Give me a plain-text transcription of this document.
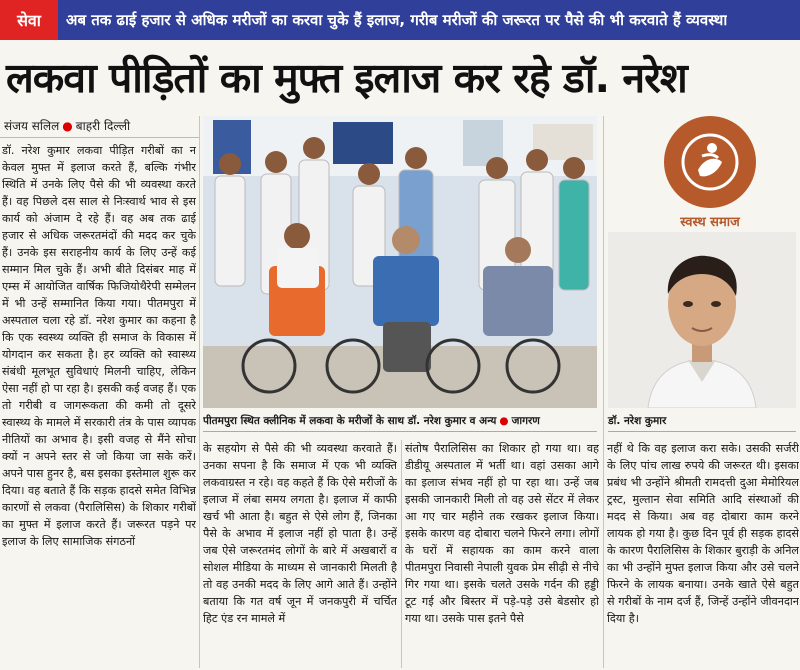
सेवा	अब तक ढाई हजार से अधिक मरीजों का करवा चुके हैं इलाज, गरीब मरीजों की जरूरत पर पैसे की भी करवाते हैं व्यवस्था
लकवा पीड़ितों का मुफ्त इलाज कर रहे डॉ. नरेश
संजय सलिल ● बाहरी दिल्ली

डॉ. नरेश कुमार लकवा पीड़ित गरीबों का न केवल मुफ्त में इलाज करते हैं, बल्कि गंभीर स्थिति में उनके लिए पैसे की भी व्यवस्था करते हैं। वह पिछले दस साल से निःस्वार्थ भाव से इस कार्य को अंजाम दे रहे हैं। वह अब तक ढाई हजार से अधिक जरूरतमंदों की मदद कर चुके हैं। उनके इस सराहनीय कार्य के लिए उन्हें कई सम्मान मिल चुके हैं। अभी बीते दिसंबर माह में एम्स में आयोजित वार्षिक फिजियोथैरेपी सम्मेलन में भी उन्हें सम्मानित किया गया। पीतमपुरा में अस्पताल चला रहे डॉ. नरेश कुमार का कहना है कि एक स्वस्थ्य व्यक्ति ही समाज के विकास में योगदान कर सकता है। हर व्यक्ति को स्वास्थ्य संबंधी मूलभूत सुविधाएं मिलनी चाहिए, लेकिन ऐसा नहीं हो पा रहा है। इसकी कई वजह हैं। एक तो गरीबी व जागरूकता की कमी तो दूसरे स्वास्थ्य के मामले में सरकारी तंत्र के पास व्यापक नीतियों का अभाव है। इसी वजह से मैंने सोचा क्यों न अपने स्तर से जो किया जा सके करें। अपने पास हुनर है, बस इसका इस्तेमाल शुरू कर दिया। वह बताते हैं कि सड़क हादसे समेत विभिन्न कारणों से लकवा (पैरालिसिस) के शिकार गरीबों का मुफ्त में इलाज करते हैं। जरूरत पड़ने पर इलाज के लिए सामाजिक संगठनों

पीतमपुरा स्थित क्लीनिक में लकवा के मरीजों के साथ डॉ. नरेश कुमार व अन्य ● जागरण
स्वस्थ समाज
डॉ. नरेश कुमार

के सहयोग से पैसे की भी व्यवस्था करवाते हैं। उनका सपना है कि समाज में एक भी व्यक्ति लकवाग्रस्त न रहे। वह कहते हैं कि ऐसे मरीजों के इलाज में लंबा समय लगता है। इलाज में काफी खर्च भी आता है। बहुत से ऐसे लोग हैं, जिनका पैसे के अभाव में इलाज नहीं हो पाता है। उन्हें जब ऐसे जरूरतमंद लोगों के बारे में अखबारों व सोशल मीडिया के माध्यम से जानकारी मिलती है तो वह उनकी मदद के लिए आगे आते हैं। उन्होंने बताया कि गत वर्ष जून में जनकपुरी में चर्चित हिट एंड रन मामले में

संतोष पैरालिसिस का शिकार हो गया था। वह डीडीयू अस्पताल में भर्ती था। वहां उसका आगे का इलाज संभव नहीं हो पा रहा था। उन्हें जब इसकी जानकारी मिली तो वह उसे सेंटर में लेकर आ गए चार महीने तक रखकर इलाज किया। इसके कारण वह दोबारा चलने फिरने लगा। लोगों के घरों में सहायक का काम करने वाला पीतमपुरा निवासी नेपाली युवक प्रेम सीढ़ी से नीचे गिर गया था। इसके चलते उसके गर्दन की हड्डी टूट गई और बिस्तर में पड़े-पड़े उसे बेडसोर हो गया था। उसके पास इतने पैसे

नहीं थे कि वह इलाज करा सके। उसकी सर्जरी के लिए पांच लाख रुपये की जरूरत थी। इसका प्रबंध भी उन्होंने श्रीमती रामदत्ती दुआ मेमोरियल ट्रस्ट, मुल्तान सेवा समिति आदि संस्थाओं की मदद से किया। अब वह दोबारा काम करने लायक हो गया है। कुछ दिन पूर्व ही सड़क हादसे के कारण पैरालिसिस के शिकार बुराड़ी के अनिल का भी उन्होंने मुफ्त इलाज किया और उसे चलने फिरने के लायक बनाया। उनके खाते ऐसे बहुत से गरीबों के नाम दर्ज हैं, जिन्हें उन्होंने जीवनदान दिया है।
